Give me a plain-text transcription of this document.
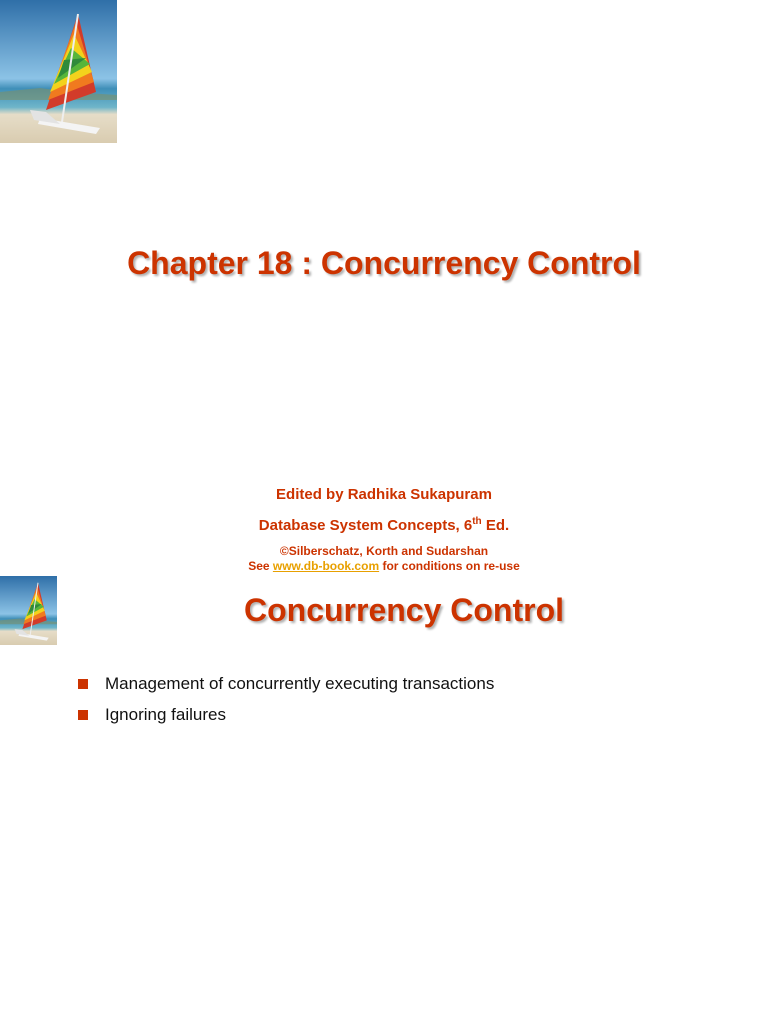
Chapter 18 : Concurrency Control
Edited by Radhika Sukapuram
Database System Concepts, 6th Ed.
©Silberschatz, Korth and Sudarshan
See www.db-book.com for conditions on re-use
Concurrency Control
Management of concurrently executing transactions
Ignoring failures
